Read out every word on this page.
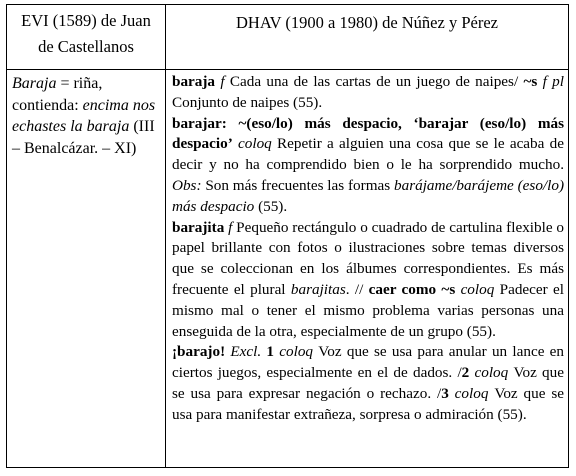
EVI (1589) de Juan
de Castellanos
DHAV (1900 a 1980) de Núñez y Pérez
Baraja = riña, contienda: encima nos echastes la baraja (III – Benalcázar. – XI)

baraja f Cada una de las cartas de un juego de naipes/ ~s f pl Conjunto de naipes (55).

barajar: ~(eso/lo) más despacio, ‘barajar (eso/lo) más despacio’ coloq Repetir a alguien una cosa que se le acaba de decir y no ha comprendido bien o le ha sorprendido mucho. Obs: Son más frecuentes las formas barájame/barájeme (eso/lo) más despacio (55).

barajita f Pequeño rectángulo o cuadrado de cartulina flexible o papel brillante con fotos o ilustraciones sobre temas diversos que se coleccionan en los álbumes correspondientes. Es más frecuente el plural barajitas. // caer como ~s coloq Padecer el mismo mal o tener el mismo problema varias personas una enseguida de la otra, especialmente de un grupo (55).

¡barajo! Excl. 1 coloq Voz que se usa para anular un lance en ciertos juegos, especialmente en el de dados. /2 coloq Voz que se usa para expresar negación o rechazo. /3 coloq Voz que se usa para manifestar extrañeza, sorpresa o admiración (55).
